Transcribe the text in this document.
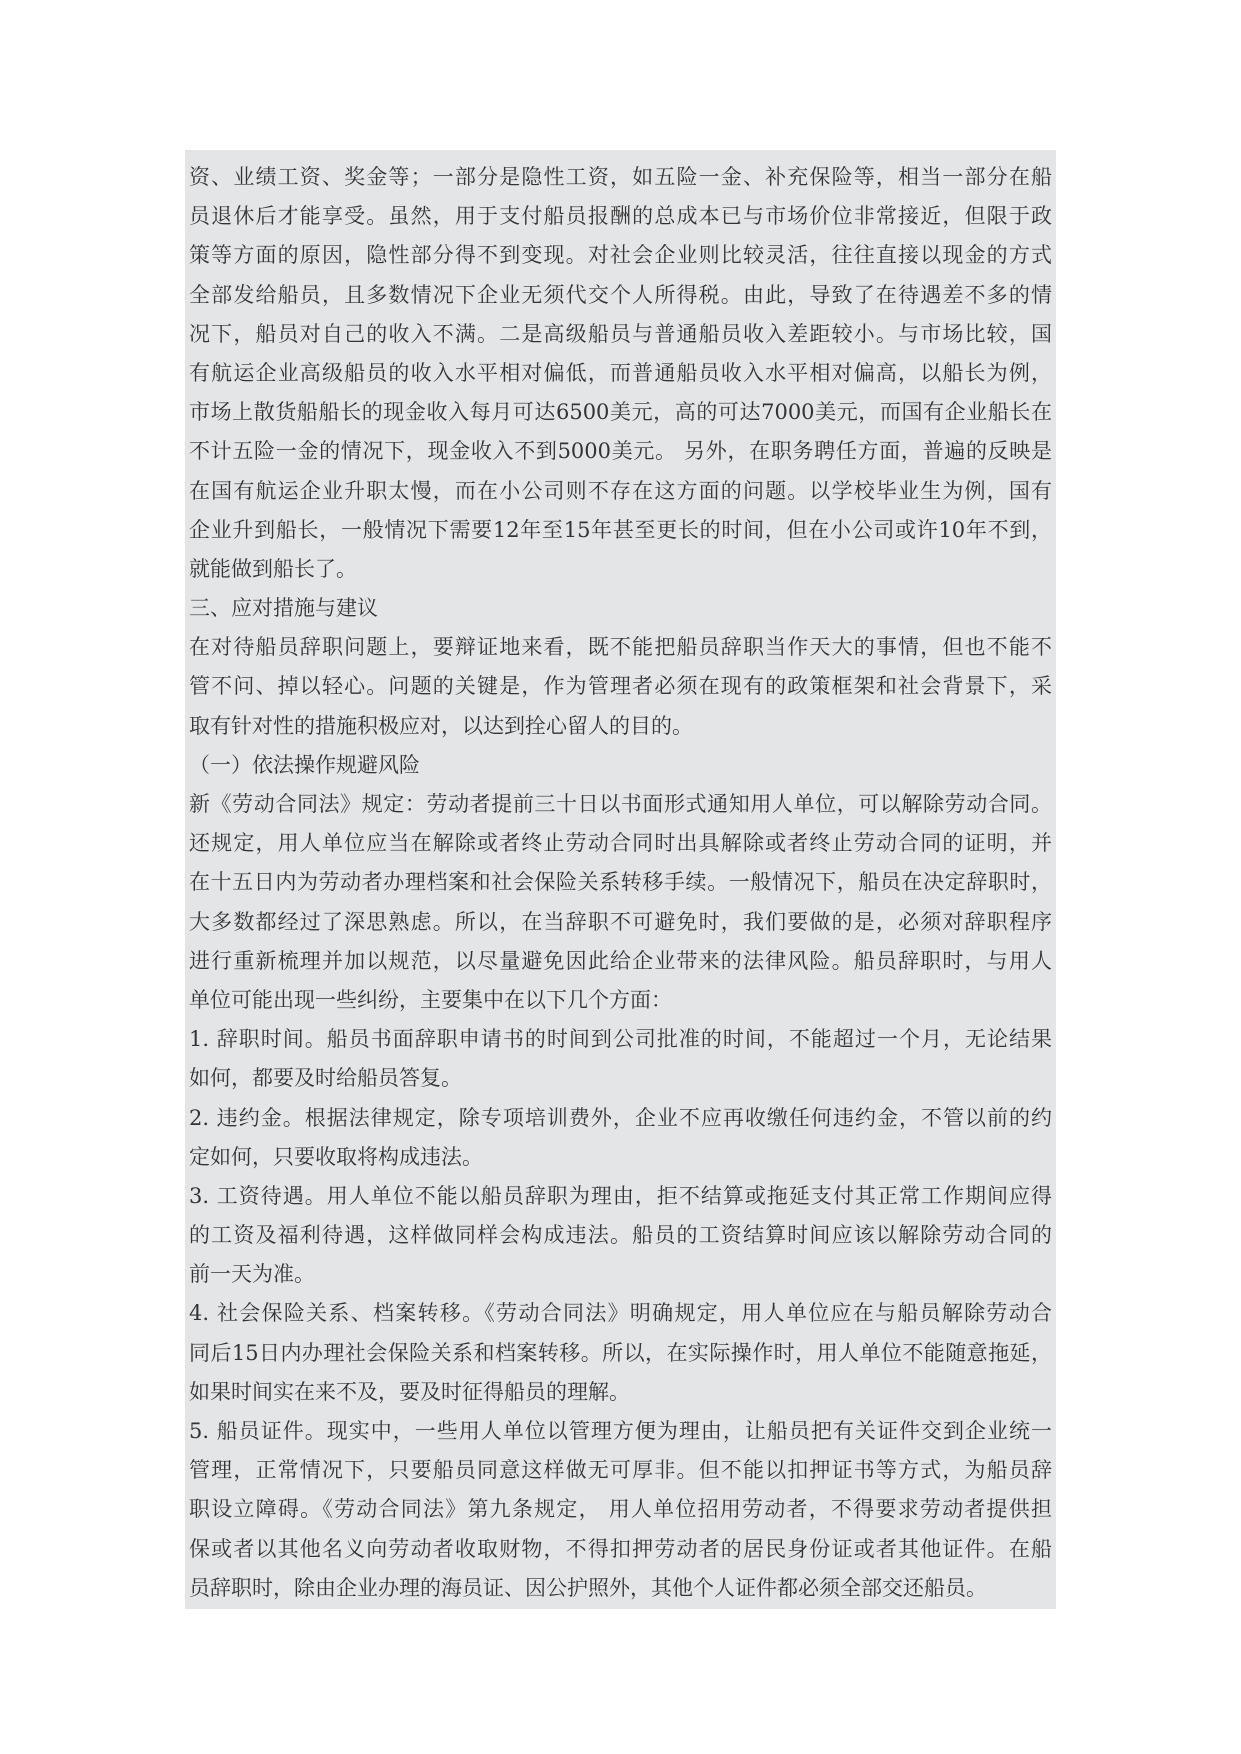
资、业绩工资、奖金等；一部分是隐性工资，如五险一金、补充保险等，相当一部分在船
员退休后才能享受。虽然，用于支付船员报酬的总成本已与市场价位非常接近，但限于政
策等方面的原因，隐性部分得不到变现。对社会企业则比较灵活，往往直接以现金的方式
全部发给船员，且多数情况下企业无须代交个人所得税。由此，导致了在待遇差不多的情
况下，船员对自己的收入不满。二是高级船员与普通船员收入差距较小。与市场比较，国
有航运企业高级船员的收入水平相对偏低，而普通船员收入水平相对偏高，以船长为例，
市场上散货船船长的现金收入每月可达6500美元，高的可达7000美元，而国有企业船长在
不计五险一金的情况下，现金收入不到5000美元。 另外，在职务聘任方面，普遍的反映是
在国有航运企业升职太慢，而在小公司则不存在这方面的问题。以学校毕业生为例，国有
企业升到船长，一般情况下需要12年至15年甚至更长的时间，但在小公司或许10年不到，
就能做到船长了。
三、应对措施与建议
在对待船员辞职问题上，要辩证地来看，既不能把船员辞职当作天大的事情，但也不能不
管不问、掉以轻心。问题的关键是，作为管理者必须在现有的政策框架和社会背景下，采
取有针对性的措施积极应对，以达到拴心留人的目的。
（一）依法操作规避风险
新《劳动合同法》规定：劳动者提前三十日以书面形式通知用人单位，可以解除劳动合同。
还规定，用人单位应当在解除或者终止劳动合同时出具解除或者终止劳动合同的证明，并
在十五日内为劳动者办理档案和社会保险关系转移手续。一般情况下，船员在决定辞职时，
大多数都经过了深思熟虑。所以，在当辞职不可避免时，我们要做的是，必须对辞职程序
进行重新梳理并加以规范，以尽量避免因此给企业带来的法律风险。船员辞职时，与用人
单位可能出现一些纠纷，主要集中在以下几个方面：
1. 辞职时间。船员书面辞职申请书的时间到公司批准的时间，不能超过一个月，无论结果
如何，都要及时给船员答复。
2. 违约金。根据法律规定，除专项培训费外，企业不应再收缴任何违约金，不管以前的约
定如何，只要收取将构成违法。
3. 工资待遇。用人单位不能以船员辞职为理由，拒不结算或拖延支付其正常工作期间应得
的工资及福利待遇，这样做同样会构成违法。船员的工资结算时间应该以解除劳动合同的
前一天为准。
4. 社会保险关系、档案转移。《劳动合同法》明确规定，用人单位应在与船员解除劳动合
同后15日内办理社会保险关系和档案转移。所以，在实际操作时，用人单位不能随意拖延，
如果时间实在来不及，要及时征得船员的理解。
5. 船员证件。现实中，一些用人单位以管理方便为理由，让船员把有关证件交到企业统一
管理，正常情况下，只要船员同意这样做无可厚非。但不能以扣押证书等方式，为船员辞
职设立障碍。《劳动合同法》第九条规定， 用人单位招用劳动者，不得要求劳动者提供担
保或者以其他名义向劳动者收取财物，不得扣押劳动者的居民身份证或者其他证件。在船
员辞职时，除由企业办理的海员证、因公护照外，其他个人证件都必须全部交还船员。
